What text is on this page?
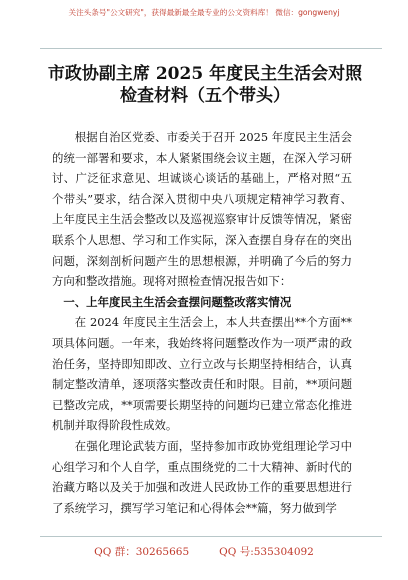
关注头条号"公文研究"，获得最新最全最专业的公文资料库！ 微信：gongwenyj
市政协副主席 2025 年度民主生活会对照检查材料（五个带头）

根据自治区党委、市委关于召开 2025 年度民主生活会的统一部署和要求，本人紧紧围绕会议主题，在深入学习研讨、广泛征求意见、坦诚谈心谈话的基础上，严格对照“五个带头”要求，结合深入贯彻中央八项规定精神学习教育、上年度民主生活会整改以及巡视巡察审计反馈等情况，紧密联系个人思想、学习和工作实际，深入查摆自身存在的突出问题，深刻剖析问题产生的思想根源，并明确了今后的努力方向和整改措施。现将对照检查情况报告如下：

一、上年度民主生活会查摆问题整改落实情况

在 2024 年度民主生活会上，本人共查摆出**个方面**项具体问题。一年来，我始终将问题整改作为一项严肃的政治任务，坚持即知即改、立行立改与长期坚持相结合，认真制定整改清单，逐项落实整改责任和时限。目前，**项问题已整改完成，**项需要长期坚持的问题均已建立常态化推进机制并取得阶段性成效。

在强化理论武装方面，坚持参加市政协党组理论学习中心组学习和个人自学，重点围绕党的二十大精神、新时代的治藏方略以及关于加强和改进人民政协工作的重要思想进行了系统学习，撰写学习笔记和心得体会**篇，努力做到学

QQ 群：30265665	QQ 号:535304092
